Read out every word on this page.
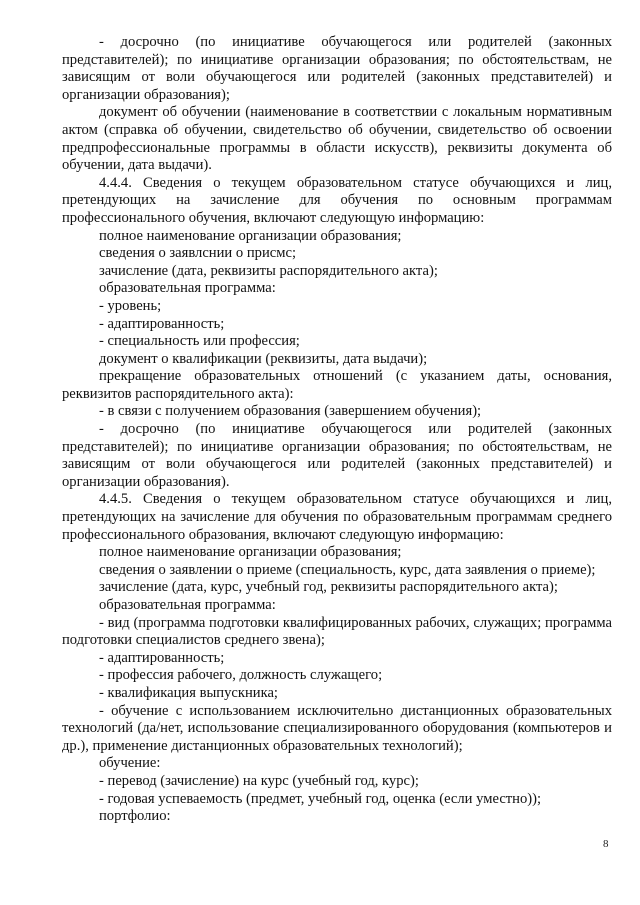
- досрочно (по инициативе обучающегося или родителей (законных представителей); по инициативе организации образования; по обстоятельствам, не зависящим от воли обучающегося или родителей (законных представителей) и организации образования);

документ об обучении (наименование в соответствии с локальным нормативным актом (справка об обучении, свидетельство об обучении, свидетельство об освоении предпрофессиональные программы в области искусств), реквизиты документа об обучении, дата выдачи).

4.4.4. Сведения о текущем образовательном статусе обучающихся и лиц, претендующих на зачисление для обучения по основным программам профессионального обучения, включают следующую информацию:

полное наименование организации образования;

сведения о заявлснии о присмс;

зачисление (дата, реквизиты распорядительного акта);

образовательная программа:

- уровень;

- адаптированность;

- специальность или профессия;

документ о квалификации (реквизиты, дата выдачи);

прекращение образовательных отношений (с указанием даты, основания, реквизитов распорядительного акта):

- в связи с получением образования (завершением обучения);

- досрочно (по инициативе обучающегося или родителей (законных представителей); по инициативе организации образования; по обстоятельствам, не зависящим от воли обучающегося или родителей (законных представителей) и организации образования).

4.4.5. Сведения о текущем образовательном статусе обучающихся и лиц, претендующих на зачисление для обучения по образовательным программам среднего профессионального образования, включают следующую информацию:

полное наименование организации образования;

сведения о заявлении о приеме (специальность, курс, дата заявления о приеме);

зачисление (дата, курс, учебный год, реквизиты распорядительного акта);

образовательная программа:

- вид (программа подготовки квалифицированных рабочих, служащих; программа подготовки специалистов среднего звена);

- адаптированность;

- профессия рабочего, должность служащего;

- квалификация выпускника;

- обучение с использованием исключительно дистанционных образовательных технологий (да/нет, использование специализированного оборудования (компьютеров и др.), применение дистанционных образовательных технологий);

обучение:

- перевод (зачисление) на курс (учебный год, курс);

- годовая успеваемость (предмет, учебный год, оценка (если уместно));

портфолио:

8
